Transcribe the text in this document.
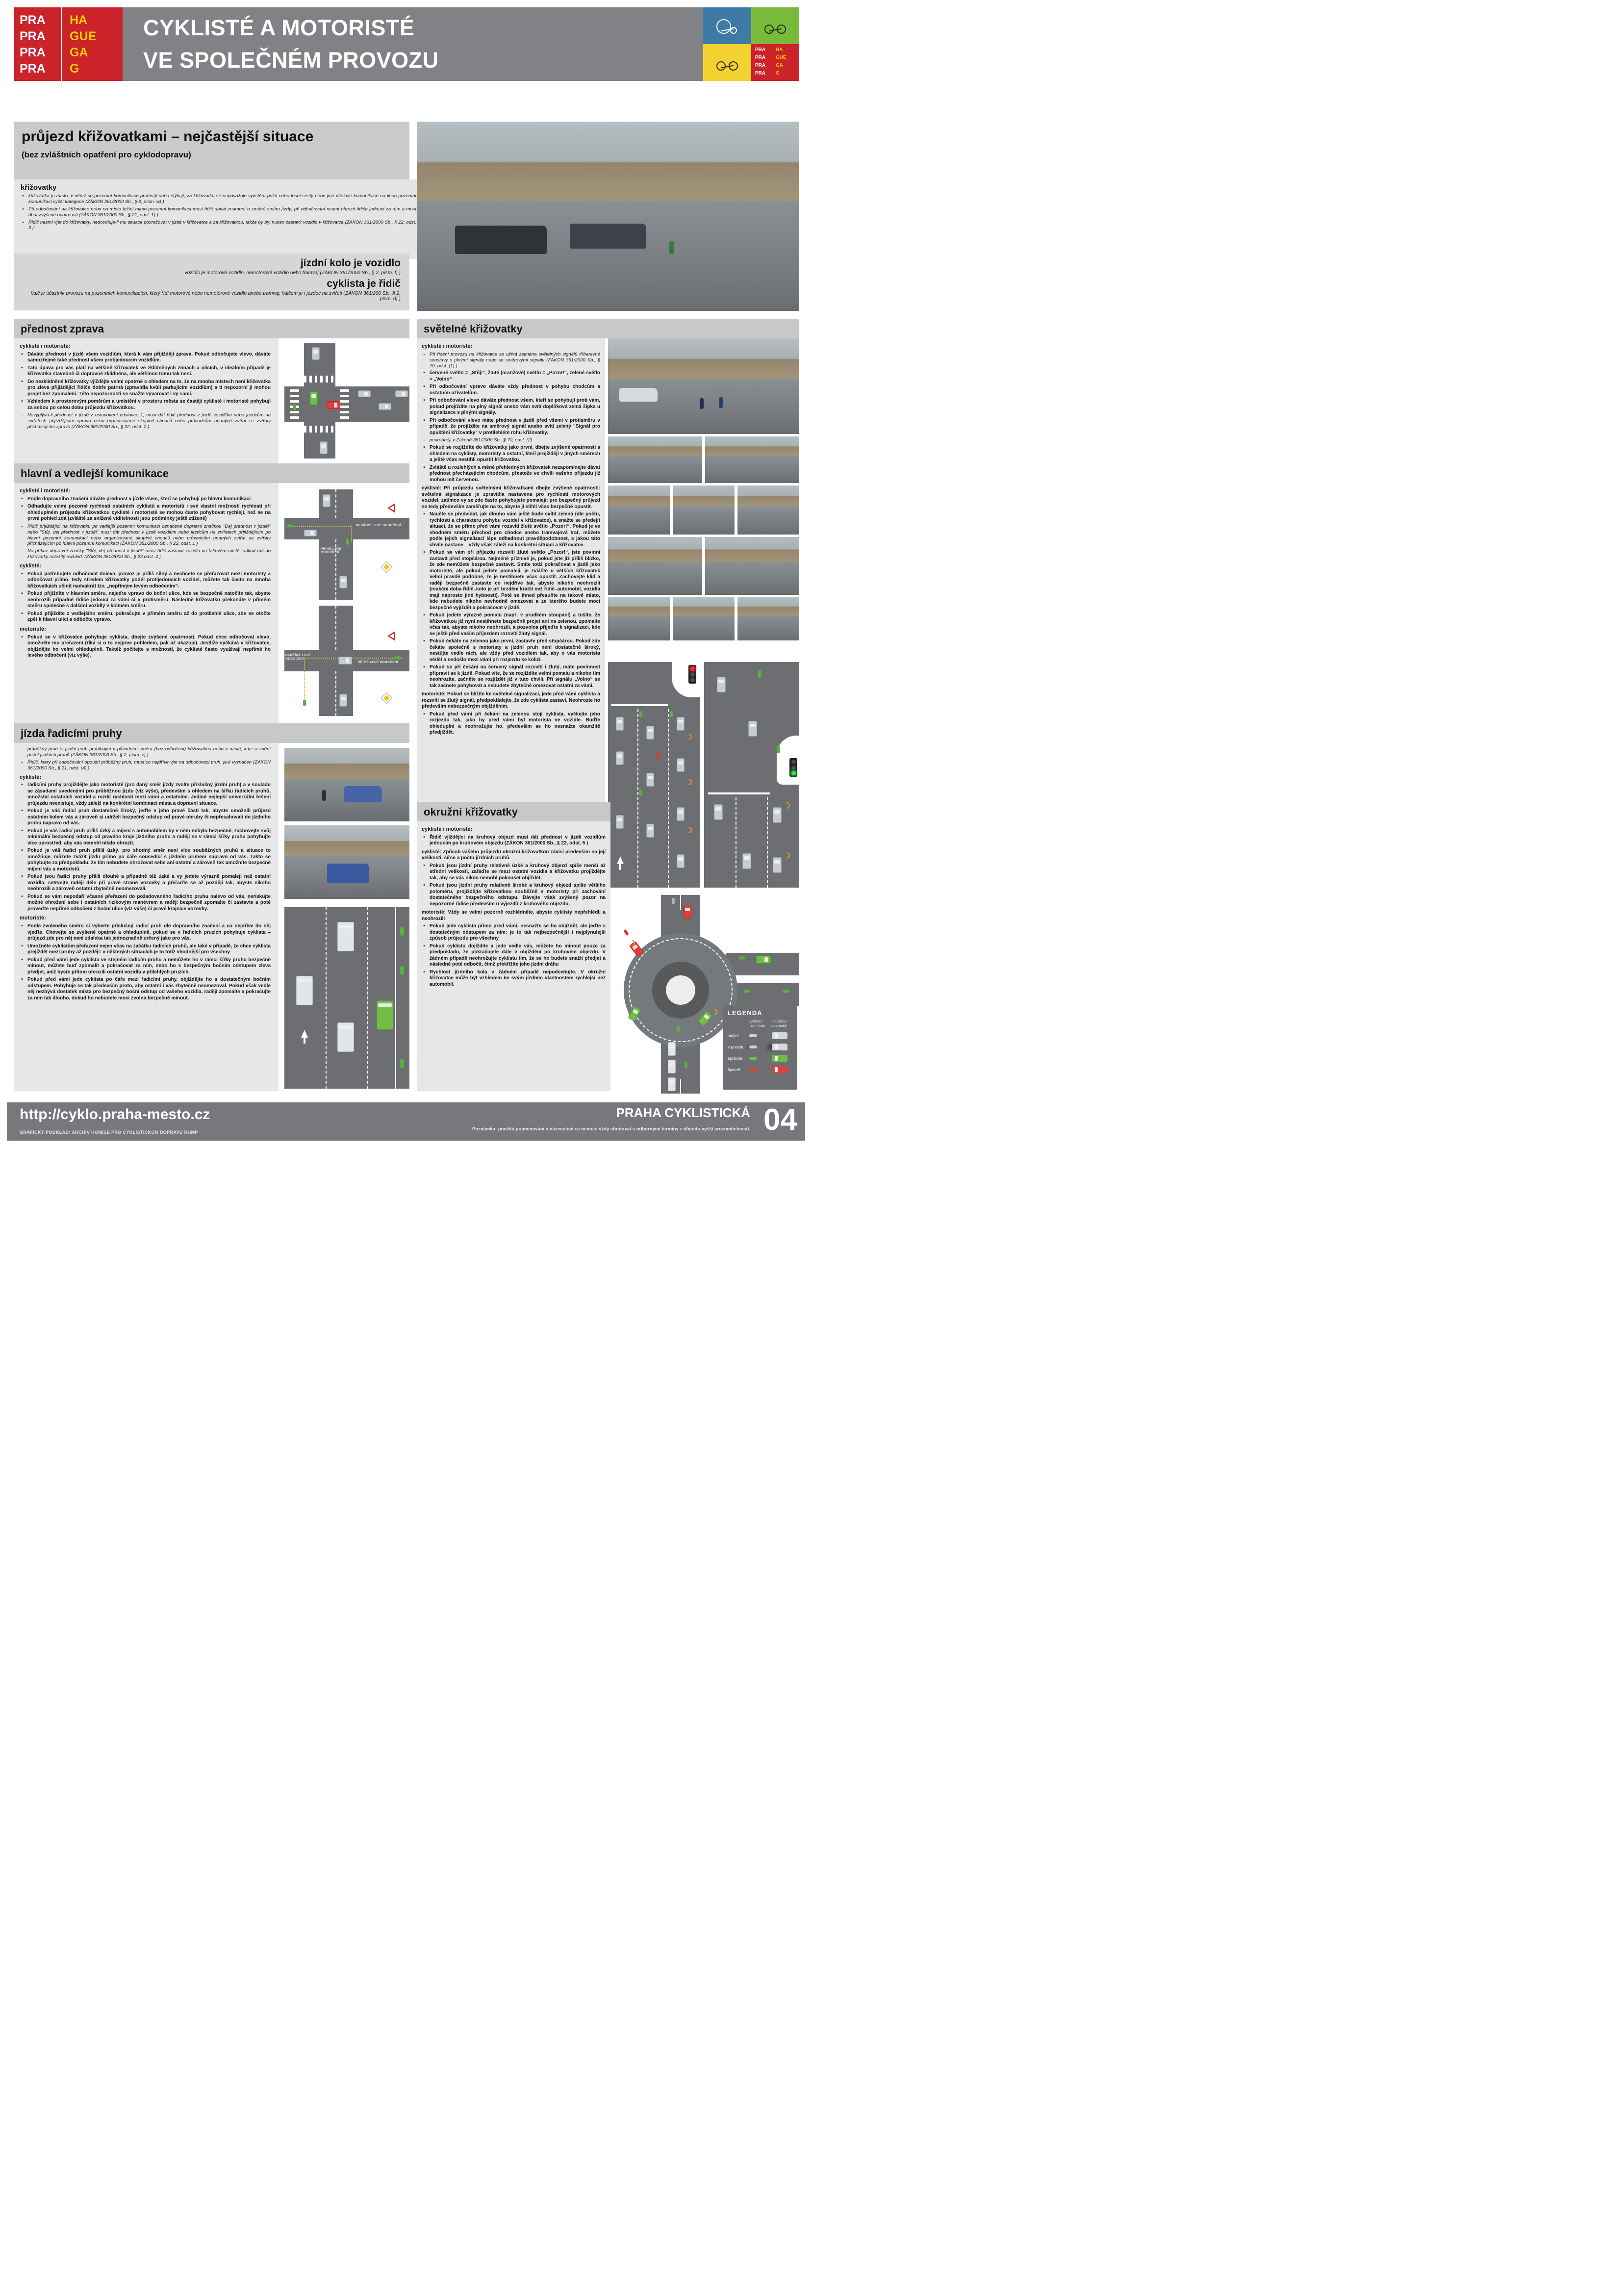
PRA HA
PRA GUE
PRA GA
PRA G
CYKLISTÉ A MOTORISTÉ
VE SPOLEČNÉM PROVOZU	PRA HA
PRA GUE
PRA GA
PRA G
průjezd křižovatkami – nejčastější situace
(bez zvláštních opatření pro cyklodopravu)
křižovatky
• křižovatka je místo, v němž se pozemní komunikace protínají nebo stýkají; za křižovatku se nepovažuje vyústění polní nebo lesní cesty nebo jiné účelové komunikace na jinou pozemní komunikaci vyšší kategorie (ZÁKON 361/2000 Sb., § 2, písm. w) )
• Při odbočování na křižovatce nebo na místo ležící mimo pozemní komunikaci musí řidič dávat znamení o změně směru jízdy; při odbočování nesmí ohrozit řidiče jedoucí za ním a musí dbát zvýšené opatrnosti (ZÁKON 361/2000 Sb., § 21, odst. 1) )
• Řidič nesmí vjet do křižovatky, nedovoluje-li mu situace pokračovat v jízdě v křižovatce a za křižovatkou, takže by byl nucen zastavit vozidlo v křižovatce (ZÁKON 361/2000 Sb., § 22, odst. 3 )
jízdní kolo je vozidlo
vozidlo je motorové vozidlo, nemotorové vozidlo nebo tramvaj (ZÁKON 361/2000 Sb., § 2, písm. f) )
cyklista je řidič
řidič je účastník provozu na pozemních komunikacích, který řídí motorové nebo nemotorové vozidlo anebo tramvaj; řidičem je i jezdec na zvířeti (ZÁKON 361/200 Sb., § 2, písm. d) )
přednost zprava
cyklisté i motoristé:
• Dáváte přednost v jízdě všem vozidlům, která k vám přijíždějí zprava. Pokud odbočujete vlevo, dáváte samozřejmě také přednost všem protijedoucím vozidlům.
• Tato úpava pro vás platí na většině křižovatek ve zklidněných zónách a ulicích, v ideálním případě je křižovatka stavebně či dopravně zklidněna, ale většinou tomu tak není.
• Do nezklidněné křižovatky vjíždějte velmi opatrně s ohledem na to, že na mnoha místech není křižovatka pro zleva přijíždějící řidiče dobře patrná (zpravidla kvůli parkujícím vozidlům) a ti nepozorní ji mohou projet bez zpomalení. Této nepozornosti se snažte vyvarovat i vy sami.
• Vzhledem k prostorovým poměrům a umístění v prostoru města se častěji cyklisté i motoristé pohybují za sebou po celou dobu průjezdu křižovatkou.
- Nevyplývá-li přednost v jízdě z ustanovení odstavce 1, musí dát řidič přednost v jízdě vozidlům nebo jezdcům na zvířatech přijíždějícím zprava nebo organizované skupině chodců nebo průvodcům hnaných zvířat se zvířaty přicházejícím zprava (ZÁKON 361/2000 Sb., § 22, odst. 2 )
hlavní a vedlejší komunikace
cyklisté i motoristé:
• Podle dopravního značení dáváte přednost v jízdě všem, kteří se pohybují po hlavní komunikaci
• Odhadujte velmi pozorně rychlosti ostatních cyklistů a motoristů i své vlastní možnosti rychlosti při ohleduplném průjezdu křižovatkou cyklisté i motoristé se mohou často pohybovat rychleji, než se na první pohled zdá (zvláště za snížené viditelnosti jsou podmínky ještě ztížené)
- Řidič přijíždějící na křižovatku po vedlejší pozemní komunikaci označené dopravní značkou "Dej přednost v jízdě!" nebo "Stůj, dej přednost v jízdě!" musí dát přednost v jízdě vozidlům nebo jezdcům na zvířatech přijíždějícím po hlavní pozemní komunikaci nebo organizované skupině chodců nebo průvodcům hnaných zvířat se zvířaty přicházejícím po hlavní pozemní komunikaci (ZÁKON 361/2000 Sb., § 22, odst. 1 )
- Na příkaz dopravní značky "Stůj, dej přednost v jízdě!" musí řidič zastavit vozidlo na takovém místě, odkud má do křižovatky náležitý rozhled. (ZÁKON 361/2000 Sb., § 22,odst. 4 )
cyklisté:
• Pokud potřebujete odbočovat doleva, provoz je příliš silný a nechcete se přeřazovat mezi motoristy a odbočovat přímo, tedy středem křižovatky podél protijedoucích vozidel, můžete tak často na mnoha křižovatkách učinit nadvakrát tzv. „nepřímým levým odbočením“.
• Pokud přijíždíte v hlavním směru, najeďte vpravo do boční ulice, kde se bezpečně natočíte tak, abyste neohrozili případné řidiče jedoucí za vámi či v protisměru. Následně křižovatku překonáte v přímém směru společně s dalšími vozidly v kolmém směru.
• Pokud přijíždíte z vedlejšího směru, pokračujte v přímém směru až do protilehlé ulice, zde se otočte zpět k hlavní ulici a odbočte vpravo.
motoristé:
• Pokud se v křižovatce pohybuje cyklista, dbejte zvýšené opatrnosti. Pokud chce odbočovat vlevo, umožněte mu přeřazení (říká si o to nejprve pohledem, pak až ukazuje). Jestliže vyčkává v křižovatce, objíždějte ho velmi ohleduplně. Taktéž počítejte s možností, že cyklisté často využívají nepřímé ho levého odbočení (viz výše).
NEPŘÍMÉ LEVÉ ODBOČENÍ
PŘÍMÉ LEVÉ ODBOČENÍ
NEPŘÍMÉ LEVÉ ODBOČENÍ
PŘÍMÉ LEVÉ ODBOČENÍ
jízda řadicími pruhy
- průběžný pruh je jízdní pruh probíhající v původním směru (bez odbočení) křižovatkou nebo v místě, kde se mění počet jízdních pruhů (ZÁKON 361/2000 Sb., § 2, písm. z) )
- Řidič, který při odbočování opouští průběžný pruh, musí co nejdříve vjet na odbočovací pruh, je-li vyznačen (ZÁKON 361/2000 Sb., § 21, odst. (4) )
cyklisté:
• řadicími pruhy projíždějte jako motoristé (pro daný směr jízdy zvolte příslušný jízdní pruh) a v souladu se zásadami uvedenými pro průběžnou jízdu (viz výše), především s ohledem na šířku řadicích pruhů, množství ostatních vozidel a rozdíl rychlostí mezi vámi a ostatními. Jediné nejlepší univerzální řešení průjezdu neexistuje, vždy záleží na konkrétní kombinaci místa a dopravní situace.
• Pokud je váš řadicí pruh dostatečně široký, jeďte v jeho pravé části tak, abyste umožnili průjezd ostatním kolem vás a zároveň si udrželi bezpečný odstup od pravé obruby či nepřesahovali do jízdního pruhu napravo od vás.
• Pokud je váš řadicí pruh příliš úzký a míjení s automobilem by v něm nebylo bezpečné, zachovejte svůj minimální bezpečný odstup od pravého kraje jízdního pruhu a raději se v rámci šířky pruhu pohybujte více uprostřed, aby vás nemohl nikdo ohrozit.
• Pokud je váš řadicí pruh příliš úzký, pro shodný směr není více souběžných pruhů a situace to umožňuje, můžete zvážit jízdu přímo po čáře sousedící s jízdním pruhem napravo od vás. Takto se pohybujte za předpokladu, že tím nebudete ohrožovat sebe ani ostatní a zároveň tak umožníte bezpečné míjení vás a motoristů.
• Pokud jsou řadicí pruhy příliš dlouhé a případně též úzké a vy jedete výrazně pomaleji než ostatní vozidla, setrvejte raději déle při pravé straně vozovky a přeřaďte se až později tak, abyste nikoho neohrozili a zároveň ostatní zbytečně neomezovali.
• Pokud se vám nepodaří včasné přeřazení do požadovaného řadicího pruhu nalevo od vás, neriskujte možné ohrožení sebe i ostatních rizikovým manévrem a raději bezpečně zpomalte či zastavte a poté proveďte nepřímé odbočení z boční ulice (viz výše) či pravé krajnice vozovky.
motoristé:
• Podle zvoleného směru si vyberte příslušný řadicí pruh dle dopravního značení a co nejdříve do něj vjeďte. Chovejte se zvýšeně opatrně a ohleduplně, pokud se v řadicích pruzích pohybuje cyklista – průjezd zde pro něj není zdaleka tak jednoznačně určený jako pro vás.
• Umožněte cyklistům přeřazení nejen včas na začátku řadicích pruhů, ale také v případě, že chce cyklista přejíždět mezi pruhy až později: v některých situacích je to totiž vhodnější pro všechny
• Pokud před vámi jede cyklista ve stejném řadicím pruhu a nemůžete ho v rámci šířky pruhu bezpečně minout, můžete buď zpomalit a pokračovat za ním, nebo ho s bezpečným bočním odstupem zleva předjet, aniž byste přitom ohrozili ostatní vozidla v přilehlých pruzích.
• Pokud před vámi jede cyklista po čáře mezi řadicími pruhy, objíždějte ho s dostatečným bočním odstupem. Pohybuje se tak především proto, aby ostatní i vás zbytečně neomezoval. Pokud však vedle něj nezbývá dostatek místa pro bezpečný boční odstup od vašeho vozidla, raději zpomalte a pokračujte za ním tak dlouho, dokud ho nebudete moci zvolna bezpečně minout.
světelné křižovatky
cyklisté i motoristé:
- Při řízení provozu na křižovatce se užívá zejména světelných signálů tříbarevné soustavy s plnými signály nebo se směrovými signály (ZÁKON 361/2000 Sb., § 70, odst. (1) )
• červené světlo = „Stůj!“, žluté (oranžové) světlo = „Pozor!“, zelené světlo = „Volno“
• Při odbočování vpravo dáváte vždy přednost v pohybu chodcům a ostatním uživatelům.
• Při odbočování vlevo dáváte přednost všem, kteří se pohybují proti vám, pokud projíždíte na plný signál anebo vám svítí doplňková zelná šipka u signalizace s plnými signály.
• Při odbočování vlevo máte přednost v jízdě před všemi v protisměru v případě, že projíždíte na směrový signál anebo svítí zelený "Signál pro opuštění křižovatky" v protilehlém rohu křižovatky.
- podrobněji v Zákoně 361/2000 Sb., § 70, odst. (2)
• Pokud se rozjíždíte do křižovatky jako první, dbejte zvýšené opatrnosti s ohledem na cyklisty, motoristy a ostatní, kteří projíždějí v jiných směrech a ještě včas nestihli opustit křižovatku.
• Zvláště u rozlehlých a méně přehledných křižovatek nezapomínejte dávat přednost přecházejícím chodcům, přestože ve chvíli vašeho příjezdu již mohou mít červenou.
cyklisté: Při průjezdu světelnými křižovatkami dbejte zvýšené opatrnosti: světelná signalizace je zpravidla nastavena pro rychlosti motorových vozidel, zatímco vy se zde často pohybujete pomaleji: pro bezpečný průjezd se tedy především zaměřujte na to, abyste ji stihli včas bezpečně opustit.
• Naučte se předvídat, jak dlouho vám ještě bude svítit zelená (dle počtu, rychlosti a charakteru pohybu vozidel v křižovatce), a snažte se předejít situaci, že se přímo před vámi rozsvítí žluté světlo „Pozor!“. Pokud je ve shodném směru přechod pro chodce anebo tramvajová trať, můžete podle jejich signalizací lépe odhadnout pravděpodobnost, s jakou tato chvíle nastane – vždy však záleží na konkrétní situaci a křižovatce.
• Pokud se vám při příjezdu rozsvítí žluté světlo „Pozor!“, jste povinni zastavit před stopčárou. Nejméně příznivé je, pokud jste již příliš blízko, že zde nemůžete bezpečně zastavit. Smíte totiž pokračovat v jízdě jako motoristé, ale pokud jedete pomaleji, je zvláště u větších křižovatek velmi pravdě podobné, že je nestihnete včas opustit. Zachovejte klid a raději bezpečně zastavte co nejdříve tak, abyste nikoho neohrozili (reakční doba řidič–kolo je při brzdění kratší než řidič–automobil, vozidla mají naprosto jiné hybnosti). Poté se ihned přesuňte na takové místo, kde nebudete nikoho nevhodně omezovat a ze kterého budete moci bezpečně vyjíždět a pokračovat v jízdě.
• Pokud jedete výrazně pomalu (např. v prudkém stoupání) a tušíte, že křižovatkou již nyní nestihnete bezpečně projet ani na zelenou, zpomalte včas tak, abyste nikoho neohrozili, a pozvolna přijeďte k signalizaci, kde se ještě před vaším příjezdem rozsvítí žlutý signál.
• Pokud čekáte na zelenou jako první, zastavte před stopčárou. Pokud zde čekáte společně s motoristy a jízdní pruh není dostatečně široký, nestůjte vedle nich, ale vždy před vozidlem tak, aby o vás motorista věděl a nedošlo mezi vámi při rozjezdu ke kolizi.
• Pokud se při čekání na červený signál rozsvítí i žlutý, máte povinnost připravit se k jízdě. Pokud víte, že se rozjíždíte velmi pomalu a nikoho tím neohrozíte, začněte se rozjíždět již v tuto chvíli. Při signálu „Volno“ se tak začnete pohybovat a nebudete zbytečně omezovat ostatní za vámi.
motoristé: Pokud se blížíte ke světelné signalizaci, jede před vámi cyklista a rozsvítí se žlutý signál, předpokládejte, že zde cyklista zastaví. Neohrozte ho především nebezpečným objížděním.
• Pokud před vámi při čekání na zelenou stojí cyklista, vyčkejte jeho rozjezdu tak, jako by před vámi byl motorista ve vozidle. Buďte ohleduplní a neohrožujte ho, především se ho nesnažte okamžitě předjíždět.
okružní křižovatky
cyklisté i motoristé:
• Řidič vjíždějící na kruhový objezd musí dát přednost v jízdě vozidlům jedoucím po kruhovém objezdu (ZÁKON 361/2000 Sb., § 22, odst. 5 )
cyklisté: Způsob vašeho průjezdu okružní křižovatkou závisí především na její velikosti, šířce a počtu jízdních pruhů.
• Pokud jsou jízdní pruhy relativně úzké a kruhový objezd spíše menší až střední velikosti, zařaďte se mezi ostatní vozidla a křižovatku projíždějte tak, aby se vás nikdo nemohl pokoušet objíždět.
• Pokud jsou jízdní pruhy relativně široké a kruhový objezd spíše většího poloměru, projíždějte křižovatkou souběžně s motoristy při zachování dostatečného bezpečného odstupu. Dávejte však zvýšený pozor na nepozorné řidiče především u výjezdů z kruhového objezdu.
motoristé: Vždy se velmi pozorně rozhlédněte, abyste cyklisty nepřehlédli a neohrozili
• Pokud jede cyklista přímo před vámi, nesnažte se ho objíždět, ale jeďte s dostatečným odstupem za ním: je to tak nejbezpečnější i nejplynulejší způsob průjezdu pro všechny
• Pokud cyklistu dojíždíte a jede vedle vás, můžete ho minout pouze za předpokladu, že pokračujete dále v objíždění po kruhovém objezdu. V žádném případě neohrožujte cyklistu tím, že se ho budete snažit předjet a následně poté odbočit, čímž překřížíte jeho jízdní dráhu
• Rychlost jízdního kola v žádném případě nepodceňujte. V okružní křižovatce může být vzhledem ke svým jízdním vlastnostem rychlejší než automobil.
LEGENDA
cyklista / jízdní kolo
motorista / automobil
stojící
v pohybu
správně
špatně
http://cyklo.praha-mesto.cz
GRAFICKÝ PODKLAD: ARCHIV KOMISE PRO CYKLISTICKOU DOPRAVU RHMP
PRAHA CYKLISTICKÁ
Poznámka: použitá pojmenování a názvosloví se nemusí vždy shodovat s odbornými termíny z důvodu vyšší srozumitelnosti. 04
